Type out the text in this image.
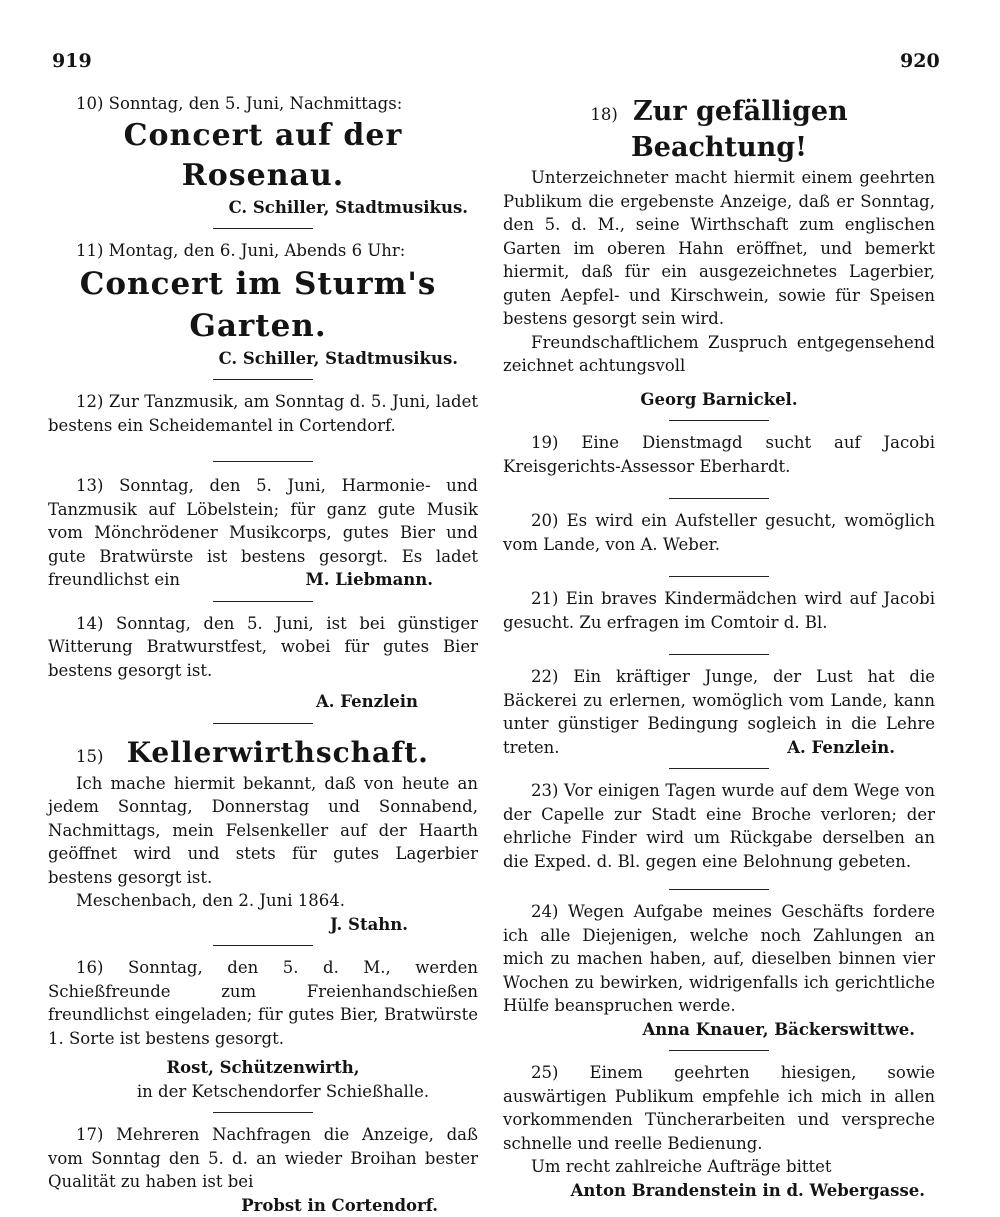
919	920

10) Sonntag, den 5. Juni, Nachmittags:

Concert auf der Rosenau.

C. Schiller, Stadtmusikus.

11) Montag, den 6. Juni, Abends 6 Uhr:

Concert im Sturm's Garten.

C. Schiller, Stadtmusikus.

12) Zur Tanzmusik, am Sonntag d. 5. Juni, ladet bestens ein Scheidemantel in Cortendorf.

13) Sonntag, den 5. Juni, Harmonie- und Tanzmusik auf Löbelstein; für ganz gute Musik vom Mönchrödener Musikcorps, gutes Bier und gute Bratwürste ist bestens gesorgt. Es ladet freundlichst ein	M. Liebmann.

14) Sonntag, den 5. Juni, ist bei günstiger Witterung Bratwurstfest, wobei für gutes Bier bestens gesorgt ist.

A. Fenzlein

15) Kellerwirthschaft.

Ich mache hiermit bekannt, daß von heute an jedem Sonntag, Donnerstag und Sonnabend, Nachmittags, mein Felsenkeller auf der Haarth geöffnet wird und stets für gutes Lagerbier bestens gesorgt ist.

Meschenbach, den 2. Juni 1864.

J. Stahn.

16) Sonntag, den 5. d. M., werden Schießfreunde zum Freienhandschießen freundlichst eingeladen; für gutes Bier, Bratwürste 1. Sorte ist bestens gesorgt.

Rost, Schützenwirth,

in der Ketschendorfer Schießhalle.

17) Mehreren Nachfragen die Anzeige, daß vom Sonntag den 5. d. an wieder Broihan bester Qualität zu haben ist bei

Probst in Cortendorf.

18) Zur gefälligen Beachtung!

Unterzeichneter macht hiermit einem geehrten Publikum die ergebenste Anzeige, daß er Sonntag, den 5. d. M., seine Wirthschaft zum englischen Garten im oberen Hahn eröffnet, und bemerkt hiermit, daß für ein ausgezeichnetes Lagerbier, guten Aepfel- und Kirschwein, sowie für Speisen bestens gesorgt sein wird.

Freundschaftlichem Zuspruch entgegensehend zeichnet achtungsvoll

Georg Barnickel.

19) Eine Dienstmagd sucht auf Jacobi Kreisgerichts-Assessor Eberhardt.

20) Es wird ein Aufsteller gesucht, womöglich vom Lande, von A. Weber.

21) Ein braves Kindermädchen wird auf Jacobi gesucht. Zu erfragen im Comtoir d. Bl.

22) Ein kräftiger Junge, der Lust hat die Bäckerei zu erlernen, womöglich vom Lande, kann unter günstiger Bedingung sogleich in die Lehre treten.	A. Fenzlein.

23) Vor einigen Tagen wurde auf dem Wege von der Capelle zur Stadt eine Broche verloren; der ehrliche Finder wird um Rückgabe derselben an die Exped. d. Bl. gegen eine Belohnung gebeten.

24) Wegen Aufgabe meines Geschäfts fordere ich alle Diejenigen, welche noch Zahlungen an mich zu machen haben, auf, dieselben binnen vier Wochen zu bewirken, widrigenfalls ich gerichtliche Hülfe beanspruchen werde.

Anna Knauer, Bäckerswittwe.

25) Einem geehrten hiesigen, sowie auswärtigen Publikum empfehle ich mich in allen vorkommenden Tüncherarbeiten und verspreche schnelle und reelle Bedienung.

Um recht zahlreiche Aufträge bittet

Anton Brandenstein in d. Webergasse.
